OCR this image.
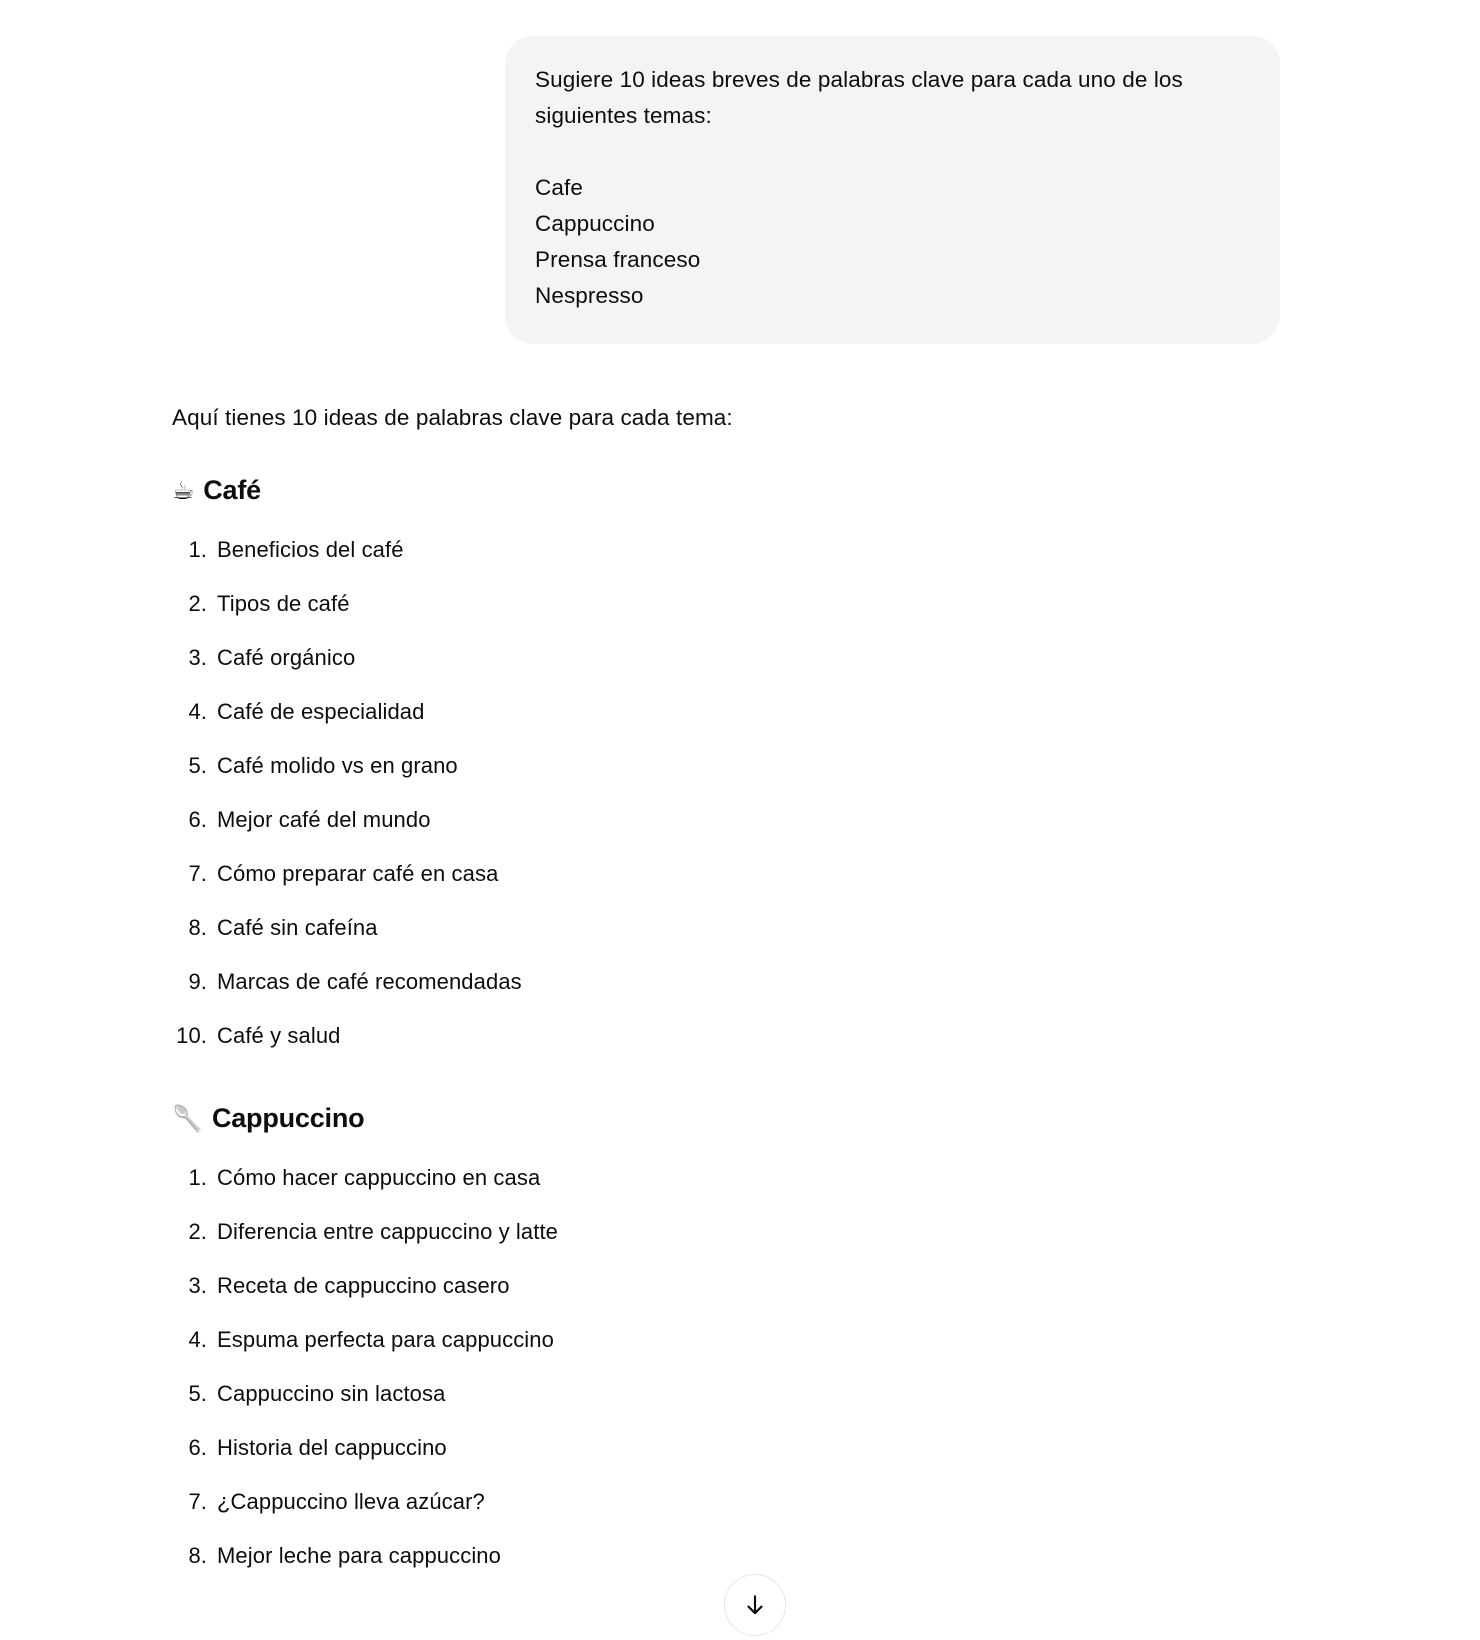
Sugiere 10 ideas breves de palabras clave para cada uno de los siguientes temas:

Cafe
Cappuccino
Prensa franceso
Nespresso

Aquí tienes 10 ideas de palabras clave para cada tema:

☕ Café
1. Beneficios del café
2. Tipos de café
3. Café orgánico
4. Café de especialidad
5. Café molido vs en grano
6. Mejor café del mundo
7. Cómo preparar café en casa
8. Café sin cafeína
9. Marcas de café recomendadas
10. Café y salud
🥄 Cappuccino
1. Cómo hacer cappuccino en casa
2. Diferencia entre cappuccino y latte
3. Receta de cappuccino casero
4. Espuma perfecta para cappuccino
5. Cappuccino sin lactosa
6. Historia del cappuccino
7. ¿Cappuccino lleva azúcar?
8. Mejor leche para cappuccino
